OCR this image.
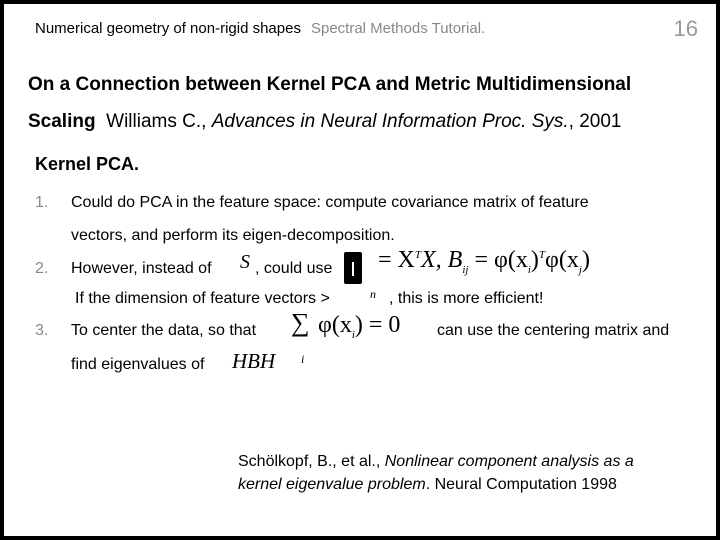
Numerical geometry of non-rigid shapes Spectral Methods Tutorial.	16
On a Connection between Kernel PCA and Metric Multidimensional
Scaling Williams C., Advances in Neural Information Proc. Sys., 2001
Kernel PCA.
1. Could do PCA in the feature space: compute covariance matrix of feature
vectors, and perform its eigen-decomposition.
2. However, instead of S , could use = $X^TX$, $B_{ij} = \varphi(x_i)^T\varphi(x_j)$
If the dimension of feature vectors >	n , this is more efficient!
3. To center the data, so that ∑
i
$\varphi(x_i) = 0$ can use the centering matrix and
find eigenvalues of HBH
Schölkopf, B., et al., Nonlinear component analysis as a
kernel eigenvalue problem. Neural Computation 1998
